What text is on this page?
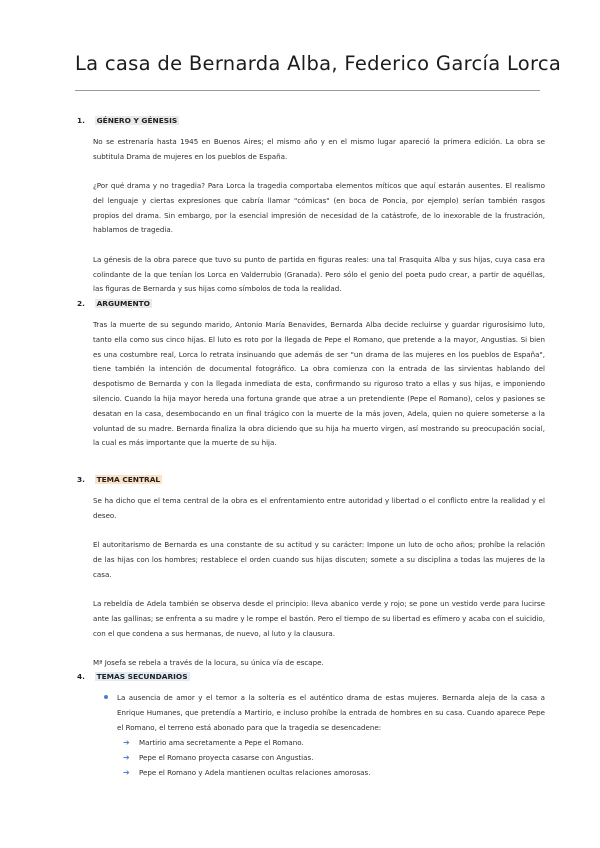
La casa de Bernarda Alba, Federico García Lorca
1. GÉNERO Y GÉNESIS

No se estrenaría hasta 1945 en Buenos Aires; el mismo año y en el mismo lugar apareció la primera edición. La obra se subtitula Drama de mujeres en los pueblos de España.

¿Por qué drama y no tragedia? Para Lorca la tragedia comportaba elementos míticos que aquí estarán ausentes. El realismo del lenguaje y ciertas expresiones que cabría llamar "cómicas" (en boca de Poncia, por ejemplo) serían también rasgos propios del drama. Sin embargo, por la esencial impresión de necesidad de la catástrofe, de lo inexorable de la frustración, hablamos de tragedia.

La génesis de la obra parece que tuvo su punto de partida en figuras reales: una tal Frasquita Alba y sus hijas, cuya casa era colindante de la que tenían los Lorca en Valderrubio (Granada). Pero sólo el genio del poeta pudo crear, a partir de aquéllas, las figuras de Bernarda y sus hijas como símbolos de toda la realidad.

2. ARGUMENTO

Tras la muerte de su segundo marido, Antonio María Benavides, Bernarda Alba decide recluirse y guardar rigurosísimo luto, tanto ella como sus cinco hijas. El luto es roto por la llegada de Pepe el Romano, que pretende a la mayor, Angustias. Si bien es una costumbre real, Lorca lo retrata insinuando que además de ser "un drama de las mujeres en los pueblos de España", tiene también la intención de documental fotográfico. La obra comienza con la entrada de las sirvientas hablando del despotismo de Bernarda y con la llegada inmediata de esta, confirmando su riguroso trato a ellas y sus hijas, e imponiendo silencio. Cuando la hija mayor hereda una fortuna grande que atrae a un pretendiente (Pepe el Romano), celos y pasiones se desatan en la casa, desembocando en un final trágico con la muerte de la más joven, Adela, quien no quiere someterse a la voluntad de su madre. Bernarda finaliza la obra diciendo que su hija ha muerto virgen, así mostrando su preocupación social, la cual es más importante que la muerte de su hija.

3. TEMA CENTRAL

Se ha dicho que el tema central de la obra es el enfrentamiento entre autoridad y libertad o el conflicto entre la realidad y el deseo.

El autoritarismo de Bernarda es una constante de su actitud y su carácter: Impone un luto de ocho años; prohíbe la relación de las hijas con los hombres; restablece el orden cuando sus hijas discuten; somete a su disciplina a todas las mujeres de la casa.

La rebeldía de Adela también se observa desde el principio: lleva abanico verde y rojo; se pone un vestido verde para lucirse ante las gallinas; se enfrenta a su madre y le rompe el bastón. Pero el tiempo de su libertad es efímero y acaba con el suicidio, con el que condena a sus hermanas, de nuevo, al luto y la clausura.

Mª Josefa se rebela a través de la locura, su única vía de escape.

4. TEMAS SECUNDARIOS
La ausencia de amor y el temor a la soltería es el auténtico drama de estas mujeres. Bernarda aleja de la casa a Enrique Humanes, que pretendía a Martirio, e incluso prohíbe la entrada de hombres en su casa. Cuando aparece Pepe el Romano, el terreno está abonado para que la tragedia se desencadene:
➔ Martirio ama secretamente a Pepe el Romano.
➔ Pepe el Romano proyecta casarse con Angustias.
➔ Pepe el Romano y Adela mantienen ocultas relaciones amorosas.
